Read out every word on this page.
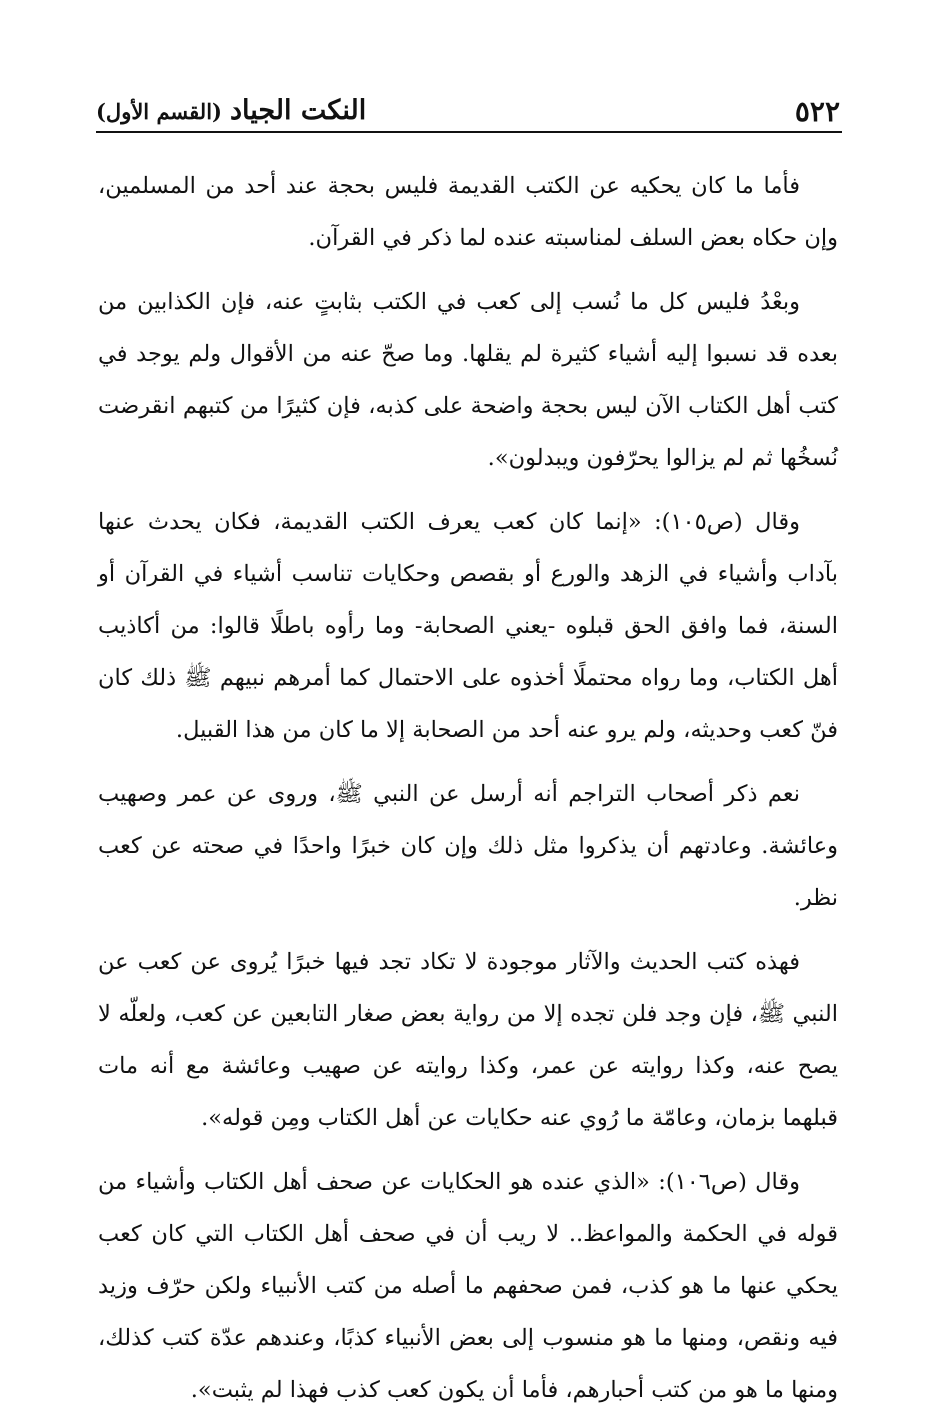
٥٢٢
النكت الجياد
(القسم الأول)

فأما ما كان يحكيه عن الكتب القديمة فليس بحجة عند أحد من المسلمين، وإن حكاه بعض السلف لمناسبته عنده لما ذكر في القرآن.

وبعْدُ فليس كل ما نُسب إلى كعب في الكتب بثابتٍ عنه، فإن الكذابين من بعده قد نسبوا إليه أشياء كثيرة لم يقلها. وما صحّ عنه من الأقوال ولم يوجد في كتب أهل الكتاب الآن ليس بحجة واضحة على كذبه، فإن كثيرًا من كتبهم انقرضت نُسخُها ثم لم يزالوا يحرّفون ويبدلون».

وقال (ص١٠٥): «إنما كان كعب يعرف الكتب القديمة، فكان يحدث عنها بآداب وأشياء في الزهد والورع أو بقصص وحكايات تناسب أشياء في القرآن أو السنة، فما وافق الحق قبلوه -يعني الصحابة- وما رأوه باطلًا قالوا: من أكاذيب أهل الكتاب، وما رواه محتملًا أخذوه على الاحتمال كما أمرهم نبيهم ﷺ ذلك كان فنّ كعب وحديثه، ولم يرو عنه أحد من الصحابة إلا ما كان من هذا القبيل.

نعم ذكر أصحاب التراجم أنه أرسل عن النبي ﷺ، وروى عن عمر وصهيب وعائشة. وعادتهم أن يذكروا مثل ذلك وإن كان خبرًا واحدًا في صحته عن كعب نظر.

فهذه كتب الحديث والآثار موجودة لا تكاد تجد فيها خبرًا يُروى عن كعب عن النبي ﷺ، فإن وجد فلن تجده إلا من رواية بعض صغار التابعين عن كعب، ولعلّه لا يصح عنه، وكذا روايته عن عمر، وكذا روايته عن صهيب وعائشة مع أنه مات قبلهما بزمان، وعامّة ما رُوي عنه حكايات عن أهل الكتاب ومِن قوله».

وقال (ص١٠٦): «الذي عنده هو الحكايات عن صحف أهل الكتاب وأشياء من قوله في الحكمة والمواعظ.. لا ريب أن في صحف أهل الكتاب التي كان كعب يحكي عنها ما هو كذب، فمن صحفهم ما أصله من كتب الأنبياء ولكن حرّف وزيد فيه ونقص، ومنها ما هو منسوب إلى بعض الأنبياء كذبًا، وعندهم عدّة كتب كذلك، ومنها ما هو من كتب أحبارهم، فأما أن يكون كعب كذب فهذا لم يثبت».
